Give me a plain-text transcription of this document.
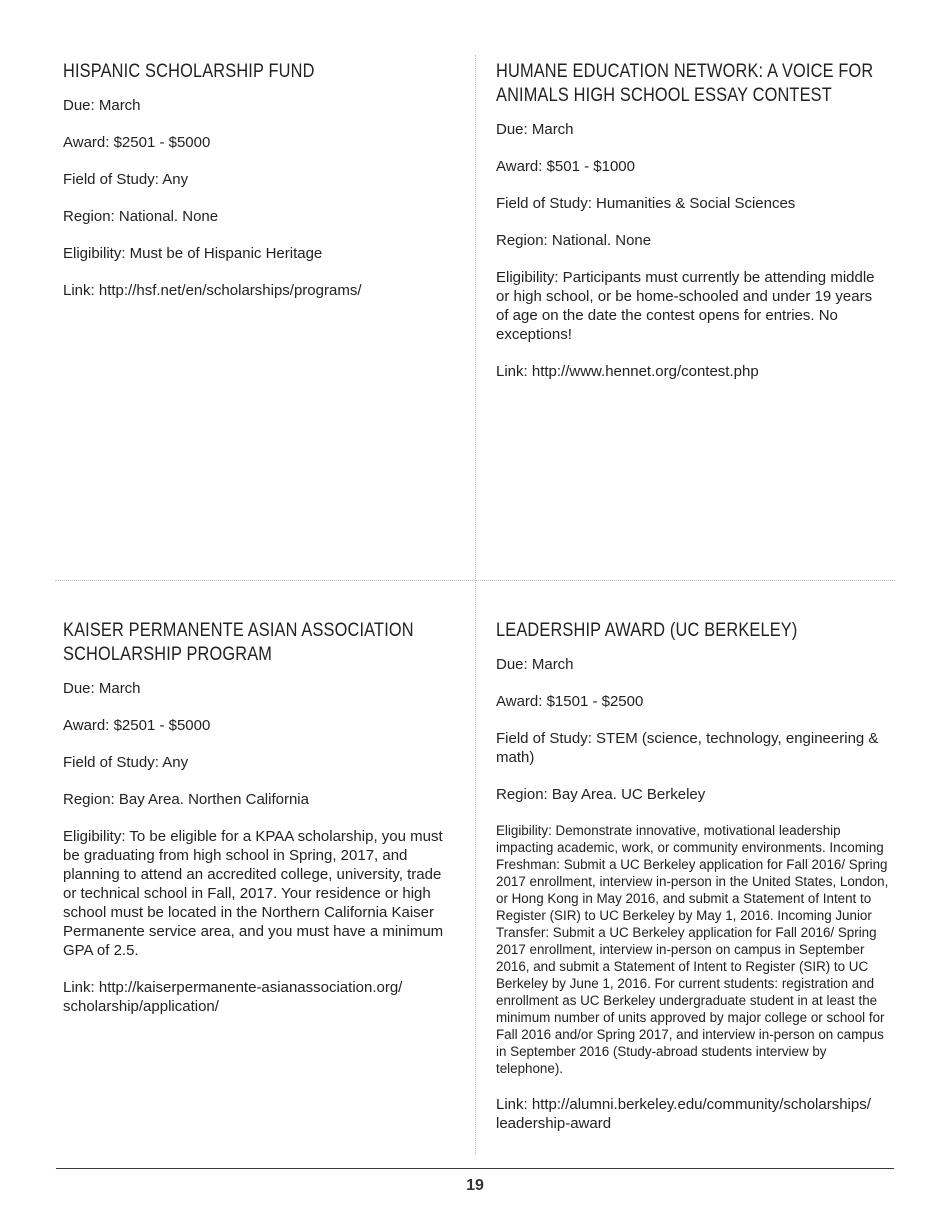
HISPANIC SCHOLARSHIP FUND

Due: March

Award: $2501 - $5000

Field of Study: Any

Region: National. None

Eligibility: Must be of Hispanic Heritage

Link: http://hsf.net/en/scholarships/programs/

HUMANE EDUCATION NETWORK: A VOICE FOR ANIMALS HIGH SCHOOL ESSAY CONTEST

Due: March

Award: $501 - $1000

Field of Study: Humanities & Social Sciences

Region: National. None

Eligibility: Participants must currently be attending middle or high school, or be home-schooled and under 19 years of age on the date the contest opens for entries. No exceptions!

Link: http://www.hennet.org/contest.php

KAISER PERMANENTE ASIAN ASSOCIATION SCHOLARSHIP PROGRAM

Due: March

Award: $2501 - $5000

Field of Study: Any

Region: Bay Area. Northen California

Eligibility: To be eligible for a KPAA scholarship, you must be graduating from high school in Spring, 2017, and planning to attend an accredited college, university, trade or technical school in Fall, 2017. Your residence or high school must be located in the Northern California Kaiser Permanente service area, and you must have a minimum GPA of 2.5.

Link: http://kaiserpermanente-asianassociation.org/ scholarship/application/

LEADERSHIP AWARD (UC BERKELEY)

Due: March

Award: $1501 - $2500

Field of Study: STEM (science, technology, engineering & math)

Region: Bay Area. UC Berkeley

Eligibility: Demonstrate innovative, motivational leadership impacting academic, work, or community environments. Incoming Freshman: Submit a UC Berkeley application for Fall 2016/ Spring 2017 enrollment, interview in-person in the United States, London, or Hong Kong in May 2016, and submit a Statement of Intent to Register (SIR) to UC Berkeley by May 1, 2016. Incoming Junior Transfer: Submit a UC Berkeley application for Fall 2016/ Spring 2017 enrollment, interview in-person on campus in September 2016, and submit a Statement of Intent to Register (SIR) to UC Berkeley by June 1, 2016. For current students: registration and enrollment as UC Berkeley undergraduate student in at least the minimum number of units approved by major college or school for Fall 2016 and/or Spring 2017, and interview in-person on campus in September 2016 (Study-abroad students interview by telephone).

Link: http://alumni.berkeley.edu/community/scholarships/ leadership-award

19
